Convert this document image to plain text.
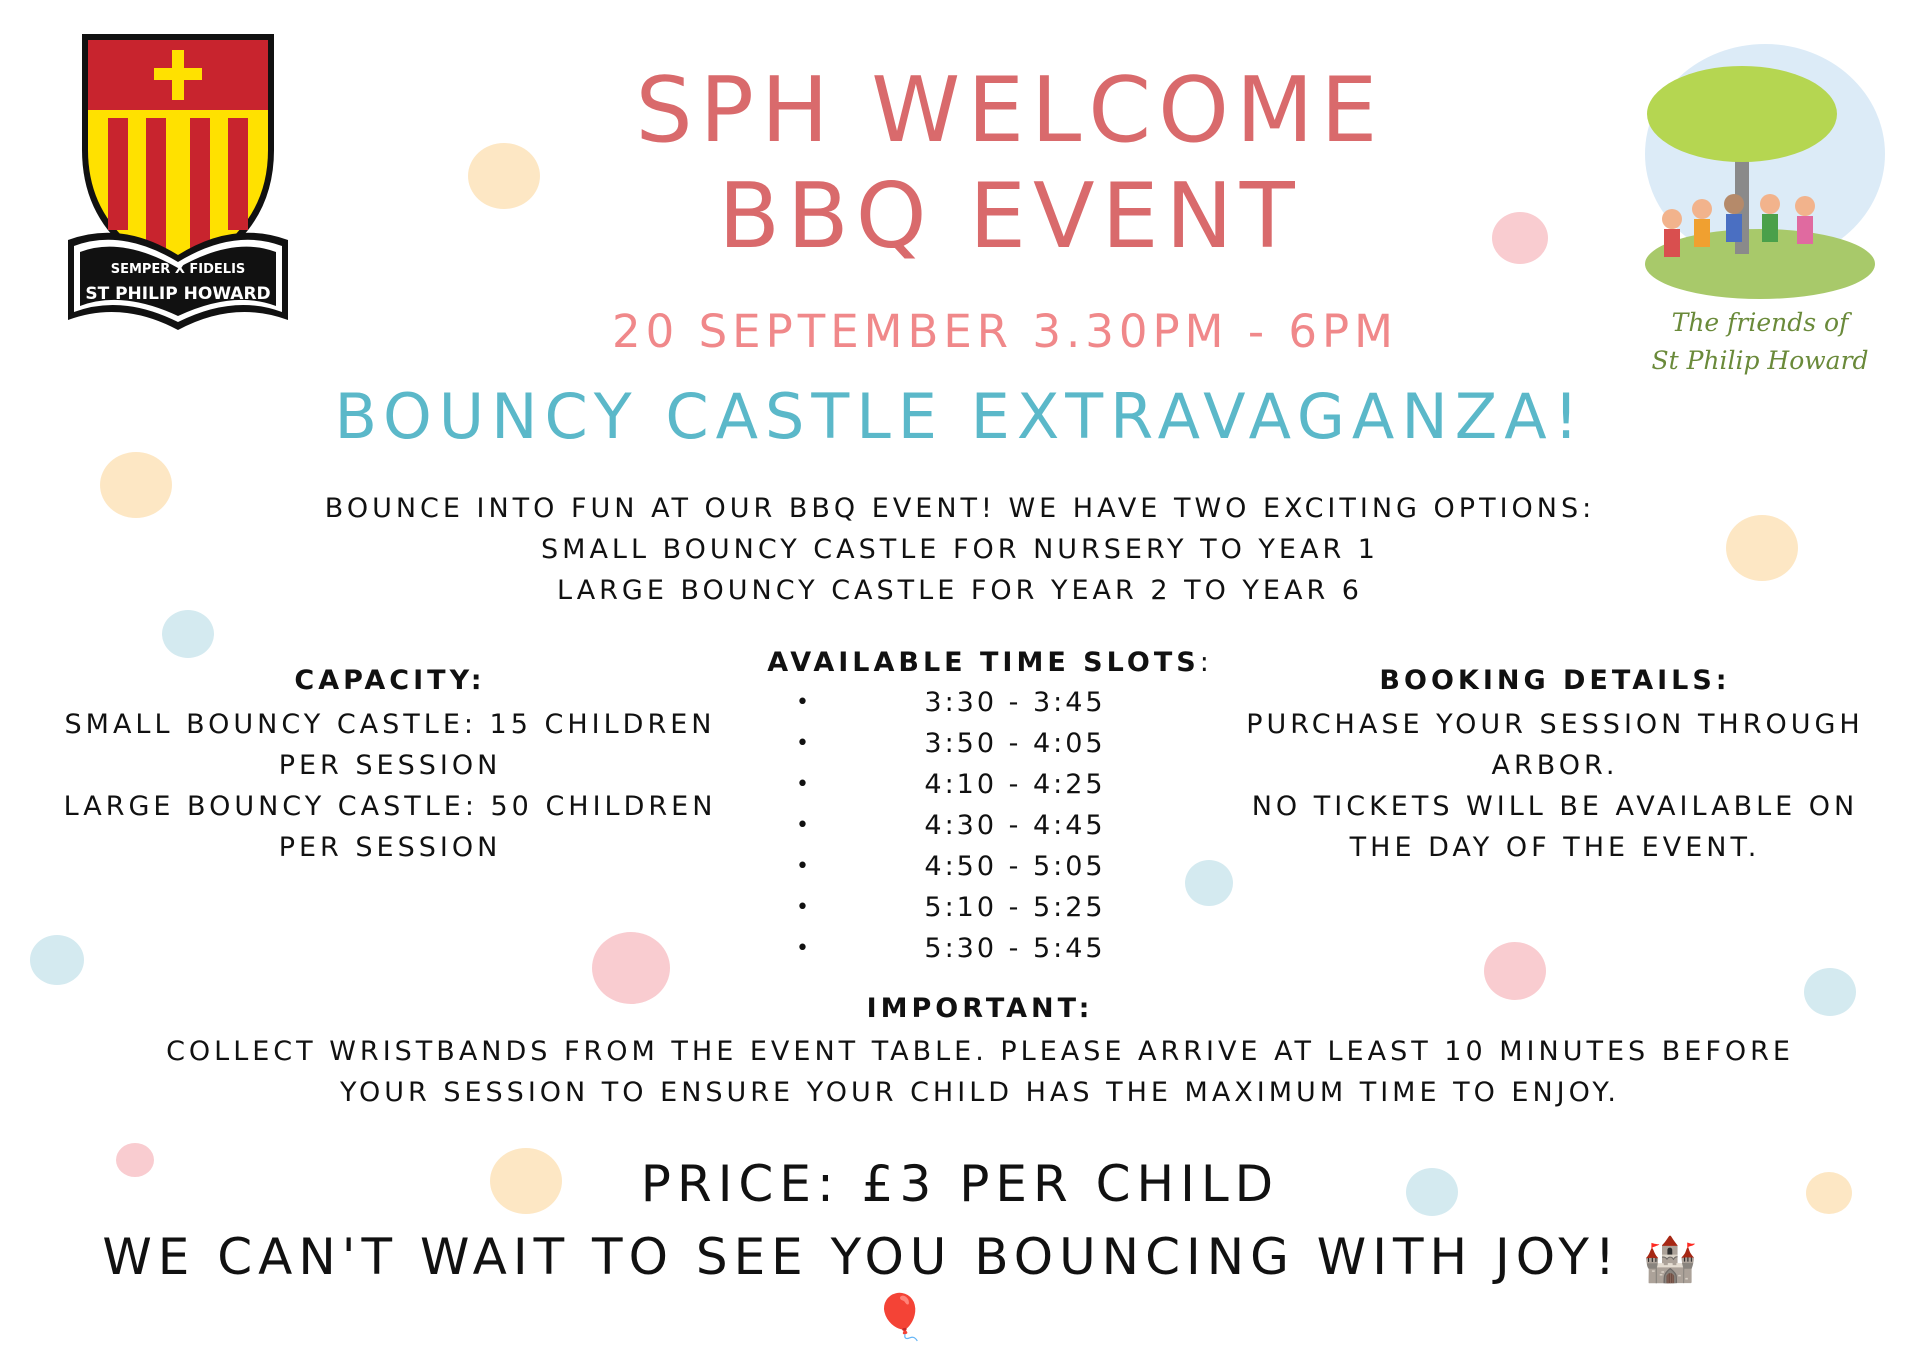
SEMPER X FIDELIS
ST PHILIP HOWARD
The friends of
St Philip Howard
SPH WELCOME
BBQ EVENT
20 SEPTEMBER 3.30PM - 6PM
BOUNCY CASTLE EXTRAVAGANZA!
BOUNCE INTO FUN AT OUR BBQ EVENT! WE HAVE TWO EXCITING OPTIONS:
SMALL BOUNCY CASTLE FOR NURSERY TO YEAR 1
LARGE BOUNCY CASTLE FOR YEAR 2 TO YEAR 6
CAPACITY:
SMALL BOUNCY CASTLE: 15 CHILDREN
PER SESSION
LARGE BOUNCY CASTLE: 50 CHILDREN
PER SESSION
AVAILABLE TIME SLOTS:
•	3:30 - 3:45
•	3:50 - 4:05
•	4:10 - 4:25
•	4:30 - 4:45
•	4:50 - 5:05
•	5:10 - 5:25
•	5:30 - 5:45
BOOKING DETAILS:
PURCHASE YOUR SESSION THROUGH
ARBOR.
NO TICKETS WILL BE AVAILABLE ON
THE DAY OF THE EVENT.
IMPORTANT:
COLLECT WRISTBANDS FROM THE EVENT TABLE. PLEASE ARRIVE AT LEAST 10 MINUTES BEFORE
YOUR SESSION TO ENSURE YOUR CHILD HAS THE MAXIMUM TIME TO ENJOY.
PRICE: £3 PER CHILD
WE CAN'T WAIT TO SEE YOU BOUNCING WITH JOY! 🏰🎈
